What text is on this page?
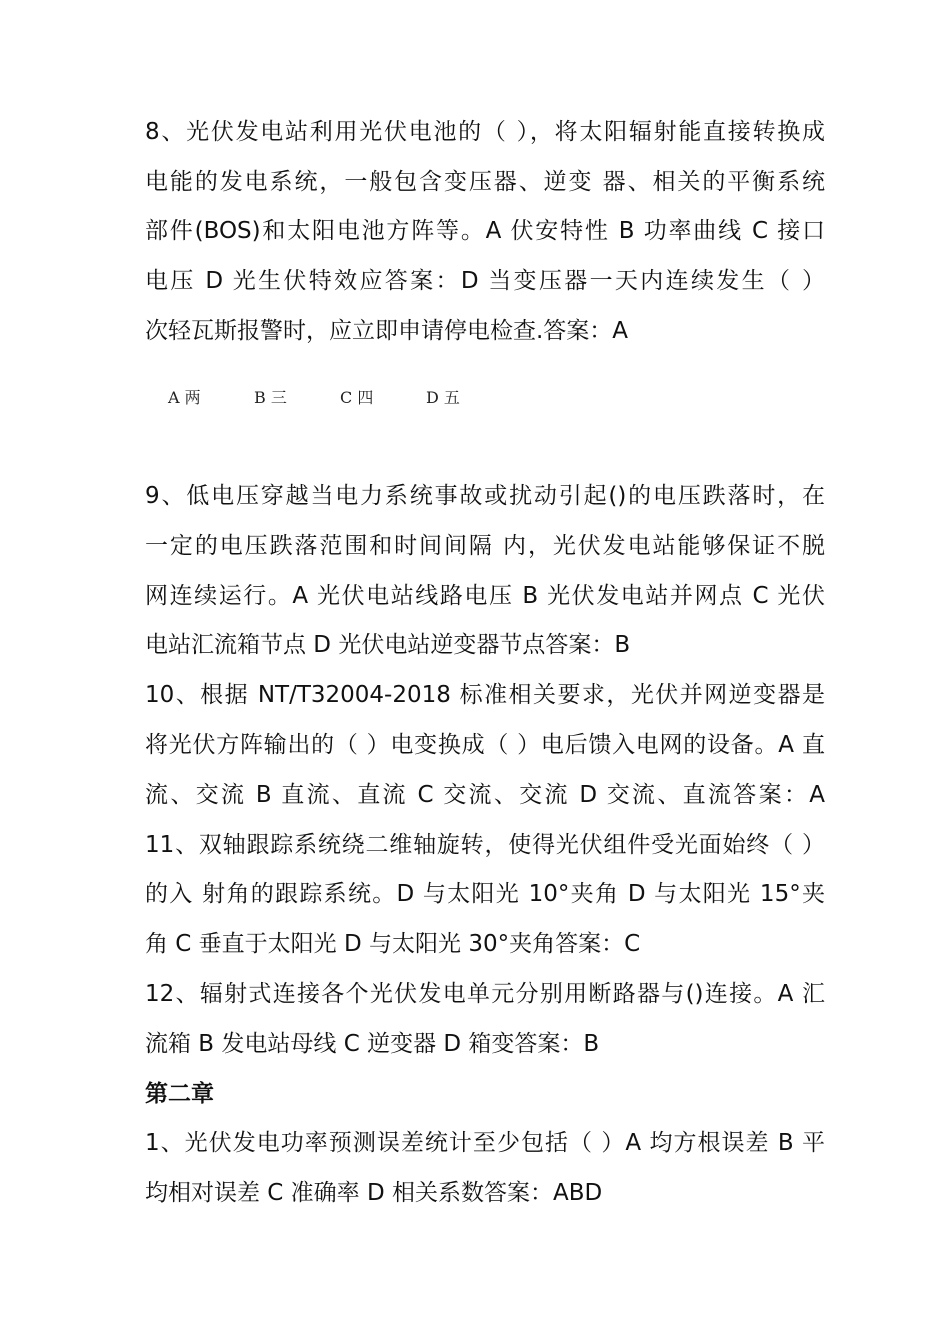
8、光伏发电站利用光伏电池的（ ），将太阳辐射能直接转换成
电能的发电系统，一般包含变压器、逆变 器、相关的平衡系统
部件(BOS)和太阳电池方阵等。A 伏安特性 B 功率曲线 C 接口
电压 D 光生伏特效应答案：D 当变压器一天内连续发生（ ）
次轻瓦斯报警时，应立即申请停电检查.答案：A
A 两	B 三	C 四	D 五
9、低电压穿越当电力系统事故或扰动引起()的电压跌落时，在
一定的电压跌落范围和时间间隔 内，光伏发电站能够保证不脱
网连续运行。A 光伏电站线路电压 B 光伏发电站并网点 C 光伏
电站汇流箱节点 D 光伏电站逆变器节点答案：B
10、根据 NT/T32004-2018 标准相关要求，光伏并网逆变器是
将光伏方阵输出的（ ）电变换成（ ）电后馈入电网的设备。A 直
流、交流 B 直流、直流 C 交流、交流 D 交流、直流答案：A
11、双轴跟踪系统绕二维轴旋转，使得光伏组件受光面始终（ ）
的入 射角的跟踪系统。D 与太阳光 10°夹角 D 与太阳光 15°夹
角 C 垂直于太阳光 D 与太阳光 30°夹角答案：C
12、辐射式连接各个光伏发电单元分别用断路器与()连接。A 汇
流箱 B 发电站母线 C 逆变器 D 箱变答案：B
第二章
1、光伏发电功率预测误差统计至少包括（ ）A 均方根误差 B 平
均相对误差 C 准确率 D 相关系数答案：ABD
